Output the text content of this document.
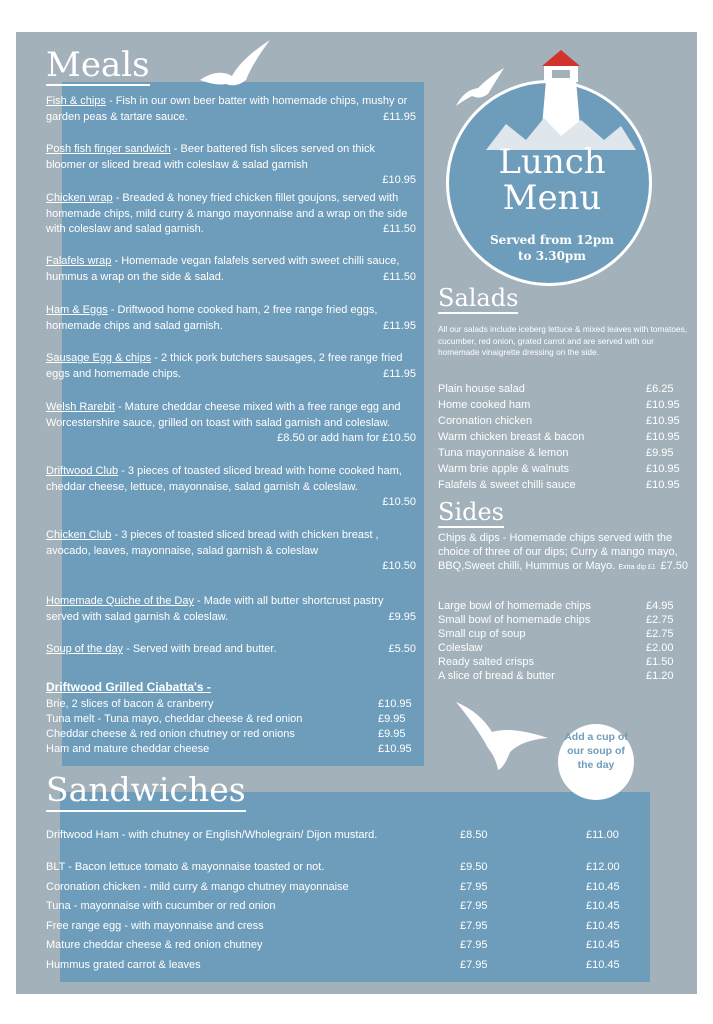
Lunch
Menu
Served from 12pm
to 3.30pm
Meals
Sandwiches
Salads
Sides
Fish & chips - Fish in our own beer batter with homemade chips, mushy or garden peas & tartare sauce.	£11.95
Posh fish finger sandwich - Beer battered fish slices served on thick bloomer or sliced bread with coleslaw & salad garnish
£10.95
Chicken wrap - Breaded & honey fried chicken fillet goujons, served with homemade chips, mild curry & mango mayonnaise and a wrap on the side with coleslaw and salad garnish.	£11.50
Falafels wrap - Homemade vegan falafels served with sweet chilli sauce, hummus a wrap on the side & salad.	£11.50
Ham & Eggs - Driftwood home cooked ham, 2 free range fried eggs, homemade chips and salad garnish.	£11.95
Sausage Egg & chips - 2 thick pork butchers sausages, 2 free range fried eggs and homemade chips.	£11.95
Welsh Rarebit - Mature cheddar cheese mixed with a free range egg and Worcestershire sauce, grilled on toast with salad garnish and coleslaw.
£8.50 or add ham for £10.50
Driftwood Club - 3 pieces of toasted sliced bread with home cooked ham, cheddar cheese, lettuce, mayonnaise, salad garnish & coleslaw.
£10.50
Chicken Club - 3 pieces of toasted sliced bread with chicken breast , avocado, leaves, mayonnaise, salad garnish & coleslaw
£10.50
Homemade Quiche of the Day - Made with all butter shortcrust pastry served with salad garnish & coleslaw.	£9.95
Soup of the day - Served with bread and butter.	£5.50
Driftwood Grilled Ciabatta's -
Brie, 2 slices of bacon & cranberry	£10.95
Tuna melt - Tuna mayo, cheddar cheese & red onion	£9.95
Cheddar cheese & red onion chutney or red onions	£9.95
Ham and mature cheddar cheese	£10.95
All our salads include iceberg lettuce & mixed leaves with tomatoes, cucumber, red onion, grated carrot and are served with our homemade vinaigrette dressing on the side.
Plain house salad	£6.25
Home cooked ham	£10.95
Coronation chicken	£10.95
Warm chicken breast & bacon	£10.95
Tuna mayonnaise & lemon	£9.95
Warm brie apple & walnuts	£10.95
Falafels & sweet chilli sauce	£10.95
Chips & dips - Homemade chips served with the choice of three of our dips; Curry & mango mayo, BBQ,Sweet chilli, Hummus or Mayo. Extra dip £1 £7.50
Large bowl of homemade chips	£4.95
Small bowl of homemade chips	£2.75
Small cup of soup	£2.75
Coleslaw	£2.00
Ready salted crisps	£1.50
A slice of bread & butter	£1.20
Add a cup of our soup of the day
Driftwood Ham - with chutney or English/Wholegrain/ Dijon mustard.	£8.50	£11.00
BLT - Bacon lettuce tomato & mayonnaise toasted or not.	£9.50	£12.00
Coronation chicken - mild curry & mango chutney mayonnaise	£7.95	£10.45
Tuna - mayonnaise with cucumber or red onion	£7.95	£10.45
Free range egg - with mayonnaise and cress	£7.95	£10.45
Mature cheddar cheese & red onion chutney	£7.95	£10.45
Hummus grated carrot & leaves	£7.95	£10.45
